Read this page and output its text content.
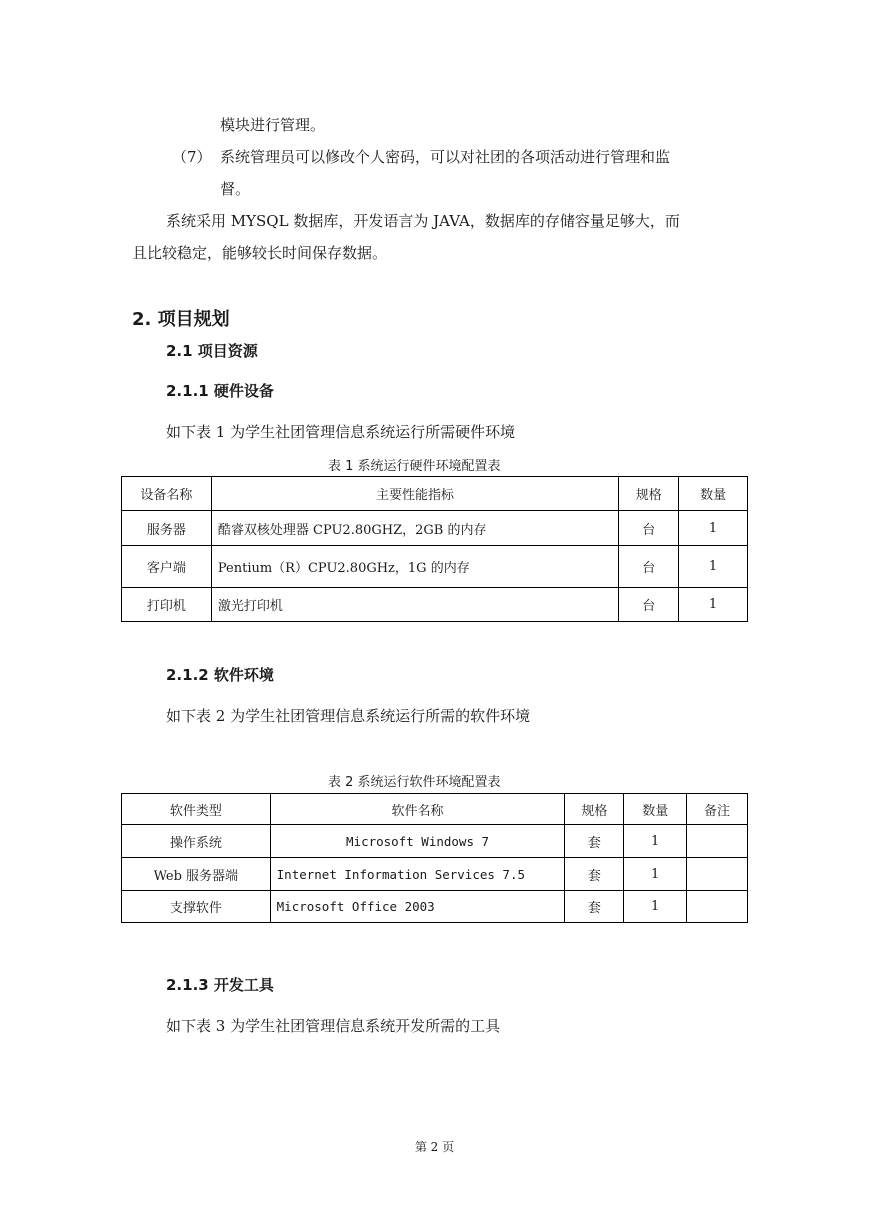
模块进行管理。
（7） 系统管理员可以修改个人密码，可以对社团的各项活动进行管理和监
督。
系统采用 MYSQL 数据库，开发语言为 JAVA，数据库的存储容量足够大，而
且比较稳定，能够较长时间保存数据。
2. 项目规划
2.1 项目资源
2.1.1 硬件设备
如下表 1 为学生社团管理信息系统运行所需硬件环境
表 1 系统运行硬件环境配置表
设备名称	主要性能指标	规格	数量
服务器	酷睿双核处理器 CPU2.80GHZ，2GB 的内存	台	1
客户端	Pentium（R）CPU2.80GHz，1G 的内存	台	1
打印机	激光打印机	台	1
2.1.2 软件环境
如下表 2 为学生社团管理信息系统运行所需的软件环境
表 2 系统运行软件环境配置表
软件类型	软件名称	规格	数量	备注
操作系统	Microsoft Windows 7	套	1	
Web 服务器端	Internet Information Services 7.5	套	1	
支撑软件	Microsoft Office 2003	套	1	
2.1.3 开发工具
如下表 3 为学生社团管理信息系统开发所需的工具
第 2 页
